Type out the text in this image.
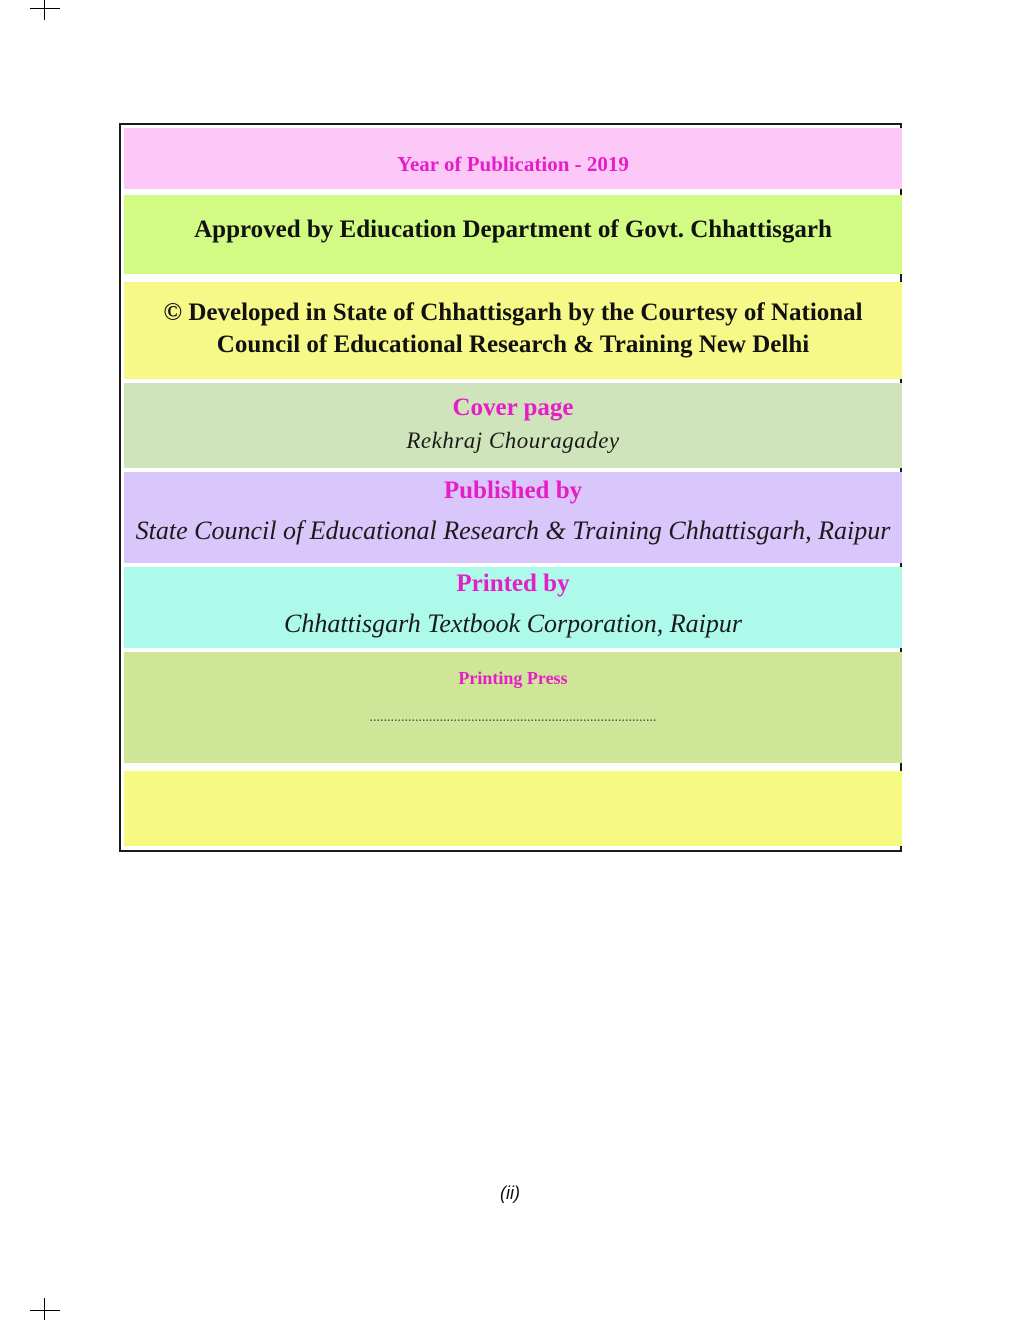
Year of Publication - 2019
Approved by Ediucation Department of Govt. Chhattisgarh
© Developed in State of Chhattisgarh by the Courtesy of National
Council of Educational Research & Training New Delhi
Cover page
Rekhraj Chouragadey
Published by
State Council of Educational Research & Training Chhattisgarh, Raipur
Printed by
Chhattisgarh Textbook Corporation, Raipur
Printing Press
..................................................................................
(ii)
